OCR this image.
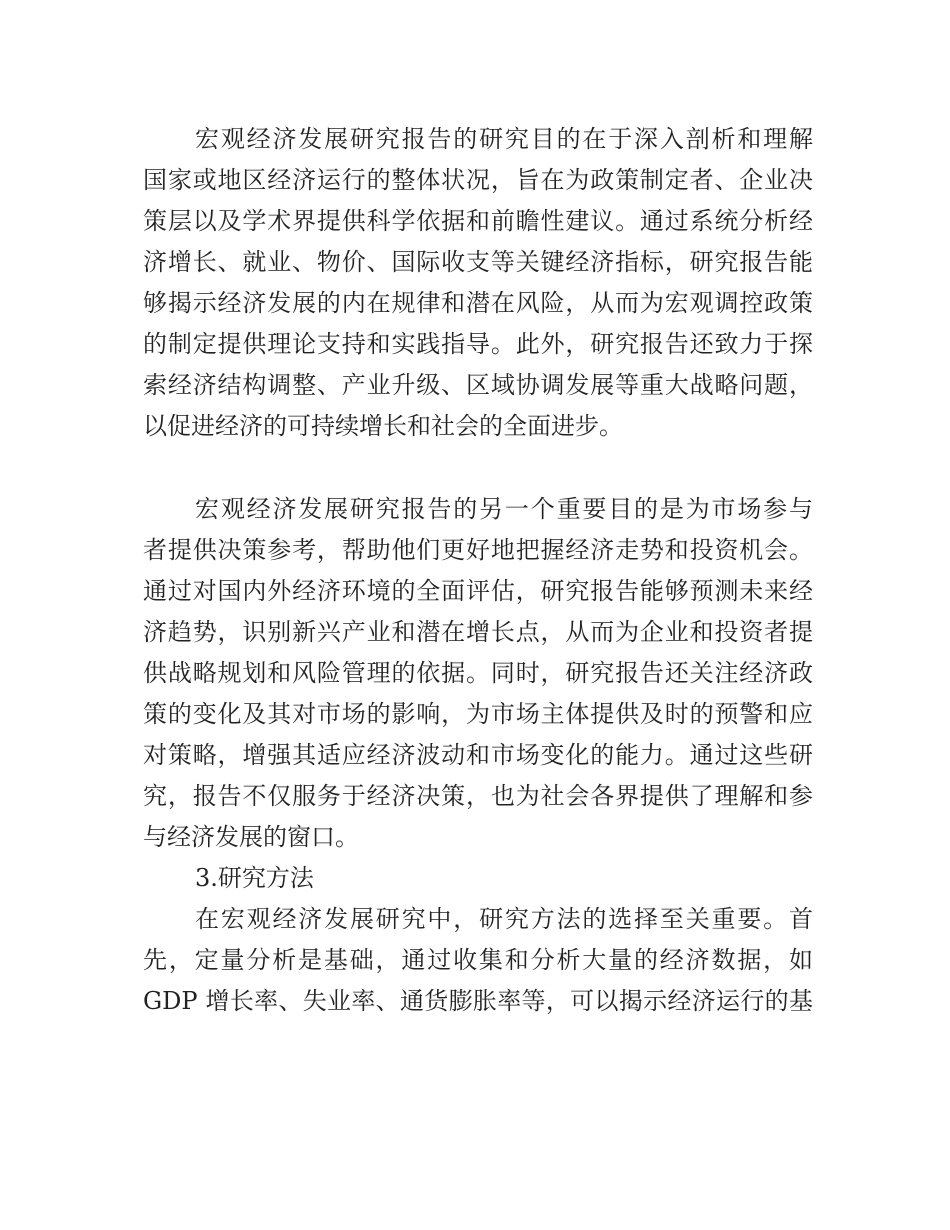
宏观经济发展研究报告的研究目的在于深入剖析和理解

国家或地区经济运行的整体状况，旨在为政策制定者、企业决

策层以及学术界提供科学依据和前瞻性建议。通过系统分析经

济增长、就业、物价、国际收支等关键经济指标，研究报告能

够揭示经济发展的内在规律和潜在风险，从而为宏观调控政策

的制定提供理论支持和实践指导。此外，研究报告还致力于探

索经济结构调整、产业升级、区域协调发展等重大战略问题，

以促进经济的可持续增长和社会的全面进步。

宏观经济发展研究报告的另一个重要目的是为市场参与

者提供决策参考，帮助他们更好地把握经济走势和投资机会。

通过对国内外经济环境的全面评估，研究报告能够预测未来经

济趋势，识别新兴产业和潜在增长点，从而为企业和投资者提

供战略规划和风险管理的依据。同时，研究报告还关注经济政

策的变化及其对市场的影响，为市场主体提供及时的预警和应

对策略，增强其适应经济波动和市场变化的能力。通过这些研

究，报告不仅服务于经济决策，也为社会各界提供了理解和参

与经济发展的窗口。

3.研究方法

在宏观经济发展研究中，研究方法的选择至关重要。首

先，定量分析是基础，通过收集和分析大量的经济数据，如

GDP 增长率、失业率、通货膨胀率等，可以揭示经济运行的基
